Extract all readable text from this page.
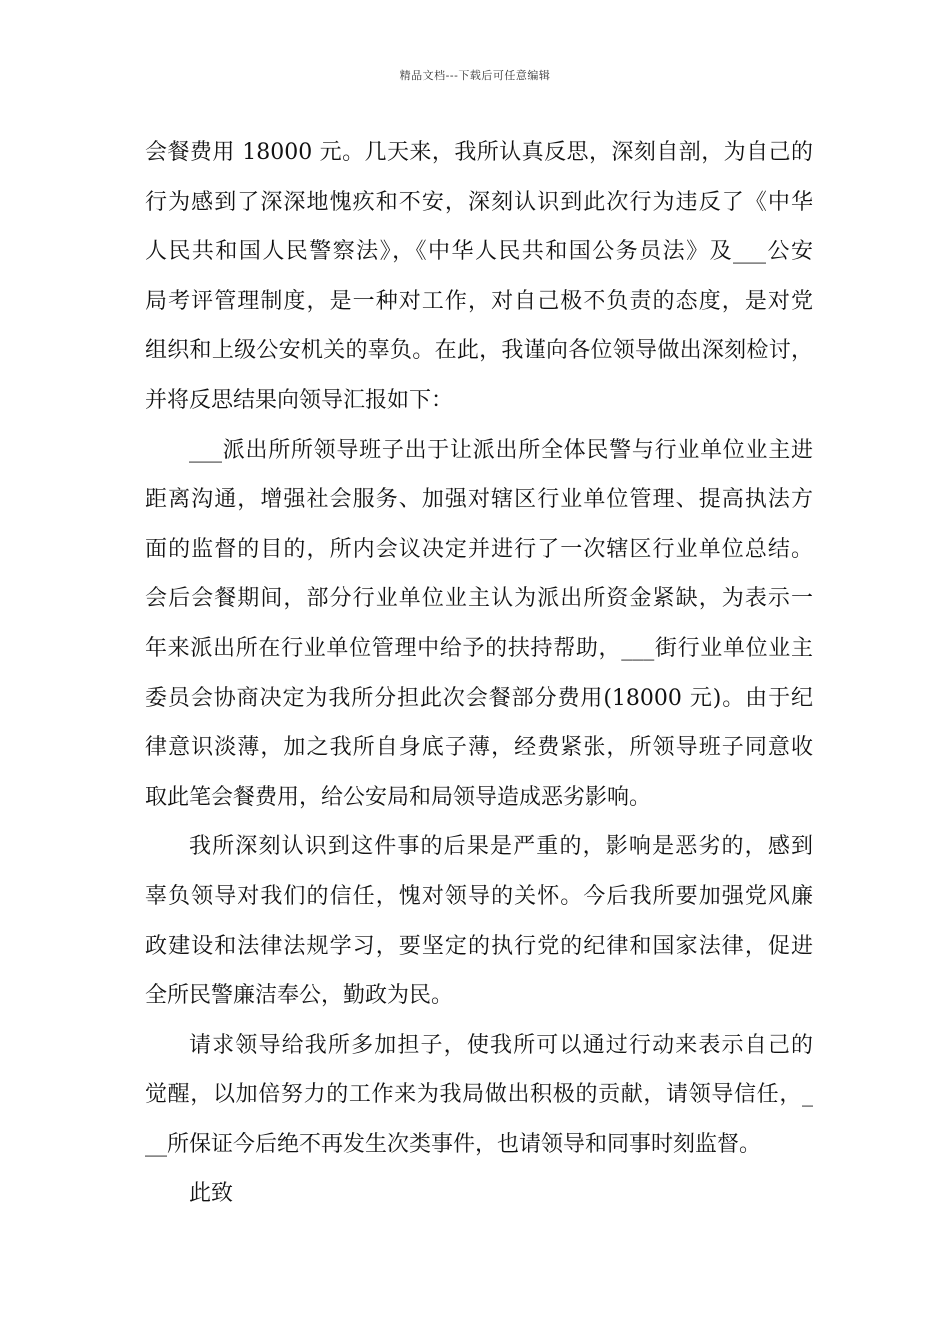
精品文档---下载后可任意编辑
会餐费用 18000 元。几天来，我所认真反思，深刻自剖，为自己的
行为感到了深深地愧疚和不安，深刻认识到此次行为违反了《中华
人民共和国人民警察法》，《中华人民共和国公务员法》及___公安
局考评管理制度，是一种对工作，对自己极不负责的态度，是对党
组织和上级公安机关的辜负。在此，我谨向各位领导做出深刻检讨，
并将反思结果向领导汇报如下：
___派出所所领导班子出于让派出所全体民警与行业单位业主进
距离沟通，增强社会服务、加强对辖区行业单位管理、提高执法方
面的监督的目的，所内会议决定并进行了一次辖区行业单位总结。
会后会餐期间，部分行业单位业主认为派出所资金紧缺，为表示一
年来派出所在行业单位管理中给予的扶持帮助，___街行业单位业主
委员会协商决定为我所分担此次会餐部分费用(18000 元)。由于纪
律意识淡薄，加之我所自身底子薄，经费紧张，所领导班子同意收
取此笔会餐费用，给公安局和局领导造成恶劣影响。
我所深刻认识到这件事的后果是严重的，影响是恶劣的，感到
辜负领导对我们的信任，愧对领导的关怀。今后我所要加强党风廉
政建设和法律法规学习，要坚定的执行党的纪律和国家法律，促进
全所民警廉洁奉公，勤政为民。
请求领导给我所多加担子，使我所可以通过行动来表示自己的
觉醒，以加倍努力的工作来为我局做出积极的贡献，请领导信任，_
__所保证今后绝不再发生次类事件，也请领导和同事时刻监督。
此致
